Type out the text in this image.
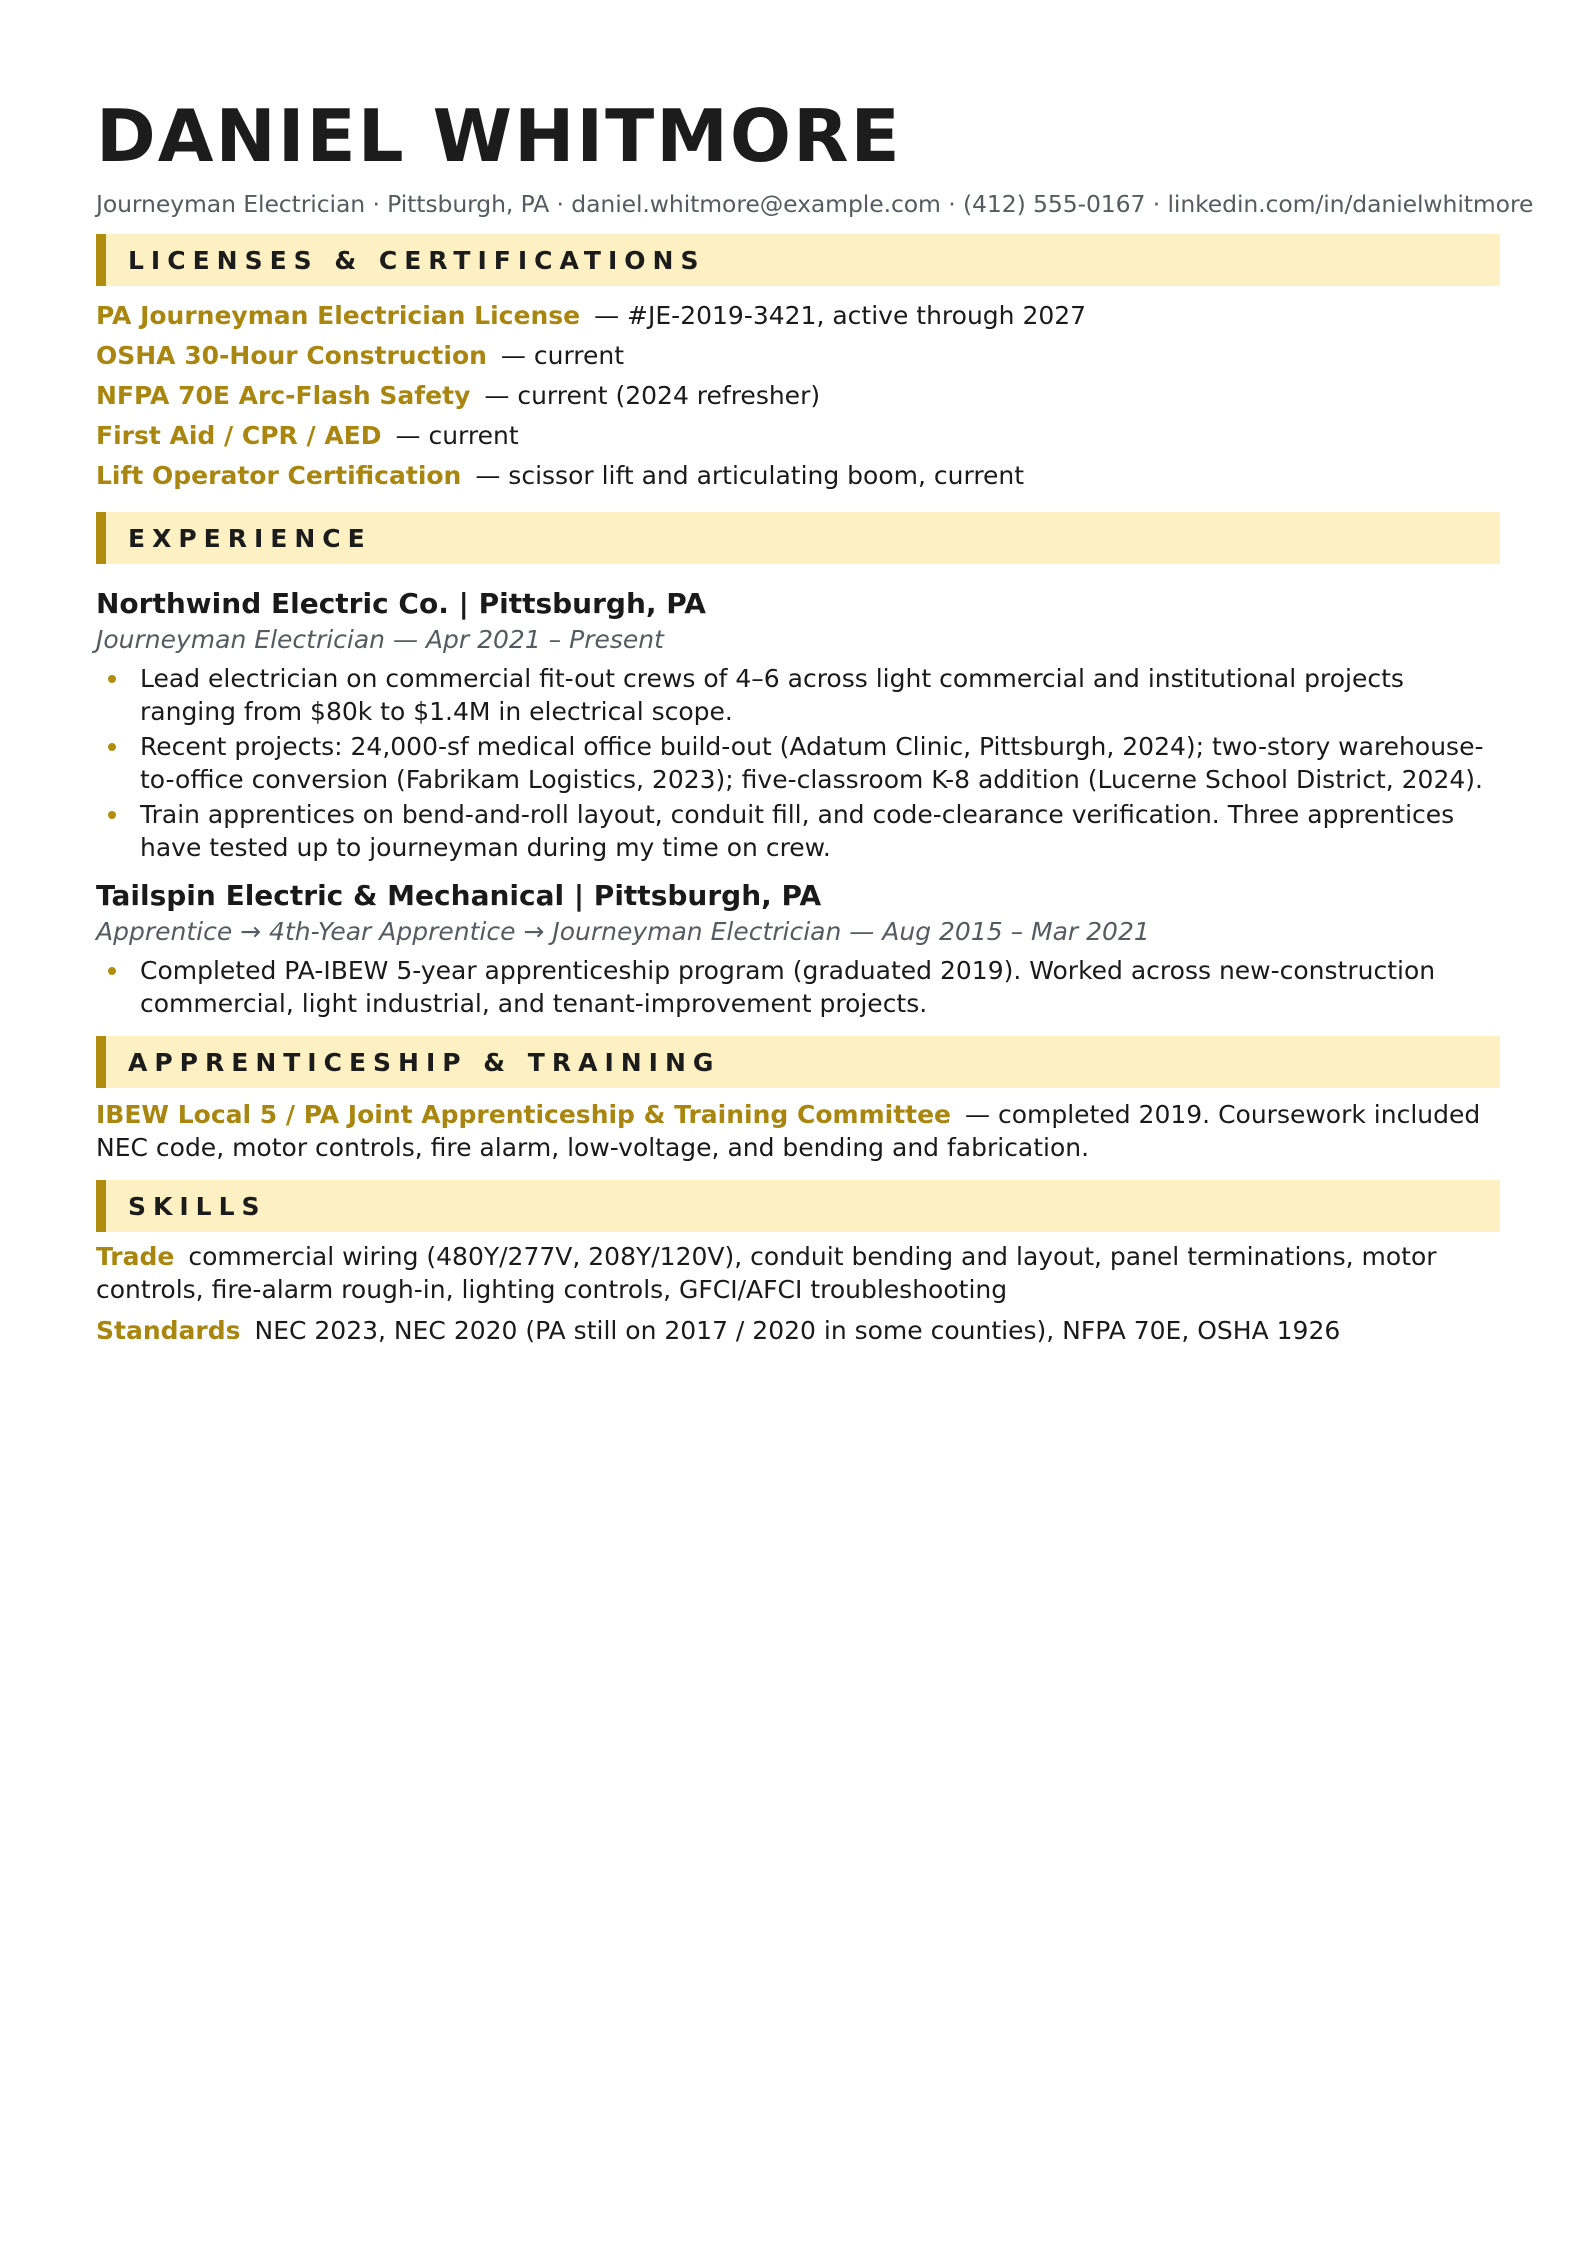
DANIEL WHITMORE
Journeyman Electrician · Pittsburgh, PA · daniel.whitmore@example.com · (412) 555-0167 · linkedin.com/in/danielwhitmore
LICENSES & CERTIFICATIONS
PA Journeyman Electrician License — #JE-2019-3421, active through 2027
OSHA 30-Hour Construction — current
NFPA 70E Arc-Flash Safety — current (2024 refresher)
First Aid / CPR / AED — current
Lift Operator Certification — scissor lift and articulating boom, current
EXPERIENCE
Northwind Electric Co. | Pittsburgh, PA
Journeyman Electrician — Apr 2021 – Present
Lead electrician on commercial fit-out crews of 4–6 across light commercial and institutional projects ranging from $80k to $1.4M in electrical scope.
Recent projects: 24,000-sf medical office build-out (Adatum Clinic, Pittsburgh, 2024); two-story warehouse-to-office conversion (Fabrikam Logistics, 2023); five-classroom K-8 addition (Lucerne School District, 2024).
Train apprentices on bend-and-roll layout, conduit fill, and code-clearance verification. Three apprentices have tested up to journeyman during my time on crew.
Tailspin Electric & Mechanical | Pittsburgh, PA
Apprentice → 4th-Year Apprentice → Journeyman Electrician — Aug 2015 – Mar 2021
Completed PA-IBEW 5-year apprenticeship program (graduated 2019). Worked across new-construction commercial, light industrial, and tenant-improvement projects.
APPRENTICESHIP & TRAINING
IBEW Local 5 / PA Joint Apprenticeship & Training Committee — completed 2019. Coursework included NEC code, motor controls, fire alarm, low-voltage, and bending and fabrication.
SKILLS
Trade commercial wiring (480Y/277V, 208Y/120V), conduit bending and layout, panel terminations, motor controls, fire-alarm rough-in, lighting controls, GFCI/AFCI troubleshooting
Standards NEC 2023, NEC 2020 (PA still on 2017 / 2020 in some counties), NFPA 70E, OSHA 1926
